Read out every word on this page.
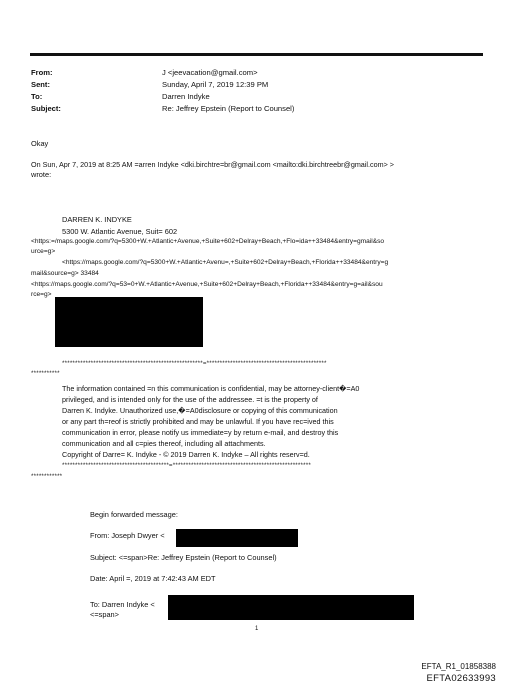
From:	J <jeevacation@gmail.com>
Sent:	Sunday, April 7, 2019 12:39 PM
To:	Darren Indyke
Subject:	Re: Jeffrey Epstein (Report to Counsel)
Okay
On Sun, Apr 7, 2019 at 8:25 AM =arren Indyke <dki.birchtre=br@gmail.com <mailto:dki.birchtreebr@gmail.com> >
wrote:
DARREN K. INDYKE
5300 W. Atlantic Avenue, Suit= 602
<https:=/maps.google.com/?q=5300+W.+Atlantic+Avenue,+Suite+602+Delray+Beach,+Flo=ida++33484&entry=gmail&so
urce=g>
<https://maps.google.com/?q=5300+W.+Atlantic+Avenu=,+Suite+602+Delray+Beach,+Florida++33484&entry=g
mail&source=g> 33484
<https://maps.google.com/?q=53=0+W.+Atlantic+Avenue,+Suite+602+Delray+Beach,+Florida++33484&entry=g=ail&sou
rce=g>
******************************************************=**********************************************
***********
The information contained =n this communication is confidential, may be attorney-client�=A0
privileged, and is intended only for the use of the addressee. =t is the property of
Darren K. Indyke. Unauthorized use,�=A0disclosure or copying of this communication
or any part th=reof is strictly prohibited and may be unlawful. If you have rec=ived this
communication in error, please notify us immediate=y by return e-mail, and destroy this
communication and all c=pies thereof, including all attachments.
Copyright of Darre= K. Indyke - © 2019 Darren K. Indyke – All rights reserv=d.
*****************************************=*****************************************************
************
Begin forwarded message:
From: Joseph Dwyer <
Subject: <=span>Re: Jeffrey Epstein (Report to Counsel)
Date: April =, 2019 at 7:42:43 AM EDT
To: Darren Indyke <
<=span>
1
EFTA_R1_01858388
EFTA02633993
